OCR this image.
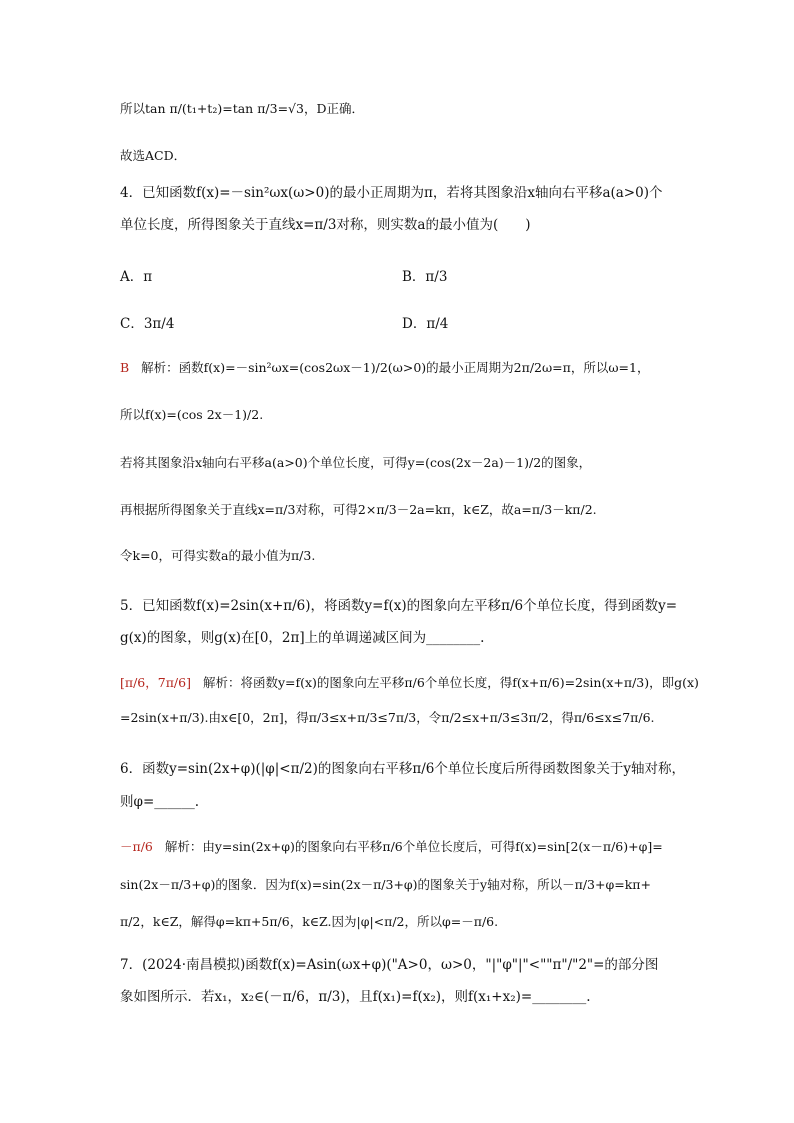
所以tan π/(t₁+t₂)=tan π/3=√3，D正确．
故选ACD．
4．已知函数f(x)=－sin²ωx(ω>0)的最小正周期为π，若将其图象沿x轴向右平移a(a>0)个
单位长度，所得图象关于直线x=π/3对称，则实数a的最小值为(　　)
A．π	B．π/3
C．3π/4	D．π/4
B 解析：函数f(x)=－sin²ωx=(cos2ωx－1)/2(ω>0)的最小正周期为2π/2ω=π，所以ω=1，
所以f(x)=(cos 2x－1)/2.
若将其图象沿x轴向右平移a(a>0)个单位长度，可得y=(cos(2x－2a)－1)/2的图象，
再根据所得图象关于直线x=π/3对称，可得2×π/3－2a=kπ，k∈Z，故a=π/3－kπ/2.
令k=0，可得实数a的最小值为π/3.
5．已知函数f(x)=2sin(x+π/6)，将函数y=f(x)的图象向左平移π/6个单位长度，得到函数y=
g(x)的图象，则g(x)在[0，2π]上的单调递减区间为________.
[π/6，7π/6] 解析：将函数y=f(x)的图象向左平移π/6个单位长度，得f(x+π/6)=2sin(x+π/3)，即g(x)
=2sin(x+π/3).由x∈[0，2π]，得π/3≤x+π/3≤7π/3，令π/2≤x+π/3≤3π/2，得π/6≤x≤7π/6.
6．函数y=sin(2x+φ)(|φ|<π/2)的图象向右平移π/6个单位长度后所得函数图象关于y轴对称，
则φ=______.
－π/6 解析：由y=sin(2x+φ)的图象向右平移π/6个单位长度后，可得f(x)=sin[2(x－π/6)+φ]=
sin(2x－π/3+φ)的图象．因为f(x)=sin(2x－π/3+φ)的图象关于y轴对称，所以－π/3+φ=kπ+
π/2，k∈Z，解得φ=kπ+5π/6，k∈Z.因为|φ|<π/2，所以φ=－π/6.
7．(2024·南昌模拟)函数f(x)=Asin(ωx+φ)("A>0，ω>0，"|"φ"|"<""π"/"2"=的部分图
象如图所示．若x₁，x₂∈(－π/6，π/3)，且f(x₁)=f(x₂)，则f(x₁+x₂)=________.
